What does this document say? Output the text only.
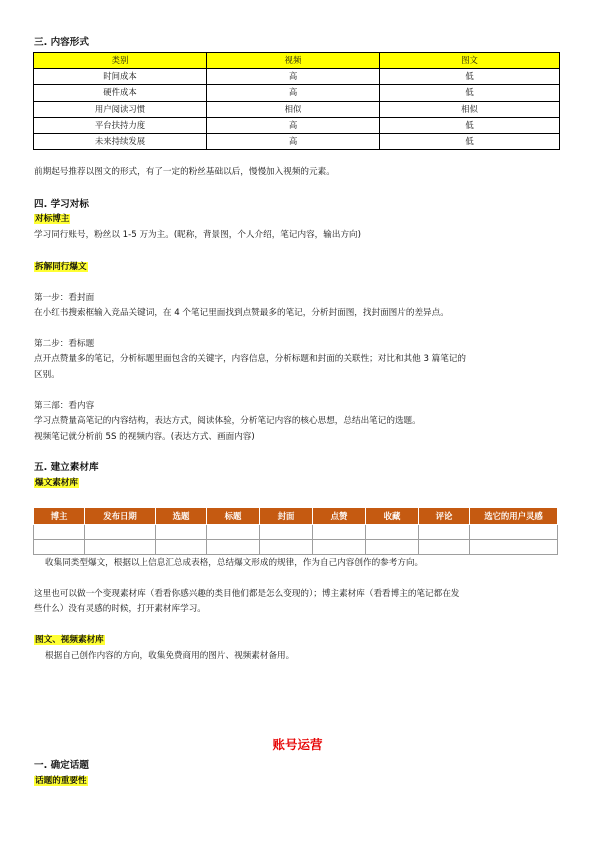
三. 内容形式
类别	视频	图文
时间成本	高	低
硬件成本	高	低
用户阅读习惯	相似	相似
平台扶持力度	高	低
未来持续发展	高	低
前期起号推荐以图文的形式，有了一定的粉丝基础以后，慢慢加入视频的元素。
四. 学习对标
对标博主
学习同行账号，粉丝以 1-5 万为主。(昵称，背景图，个人介绍，笔记内容，输出方向)
拆解同行爆文
第一步：看封面
在小红书搜索框输入竞品关键词，在 4 个笔记里面找到点赞最多的笔记，分析封面图，找封面图片的差异点。
第二步：看标题
点开点赞量多的笔记，分析标题里面包含的关键字，内容信息，分析标题和封面的关联性；对比和其他 3 篇笔记的
区别。
第三部：看内容
学习点赞量高笔记的内容结构，表达方式，阅读体验，分析笔记内容的核心思想，总结出笔记的选题。
视频笔记就分析前 5S 的视频内容。(表达方式、画面内容)
五. 建立素材库
爆文素材库
博主	发布日期	选题	标题	封面	点赞	收藏	评论	选它的用户灵感

收集同类型爆文，根据以上信息汇总成表格，总结爆文形成的规律，作为自己内容创作的参考方向。
这里也可以做一个变现素材库（看看你感兴趣的类目他们都是怎么变现的）；博主素材库（看看博主的笔记都在发
些什么）没有灵感的时候，打开素材库学习。
图文、视频素材库
根据自己创作内容的方向，收集免费商用的图片、视频素材备用。
账号运营
一. 确定话题
话题的重要性
